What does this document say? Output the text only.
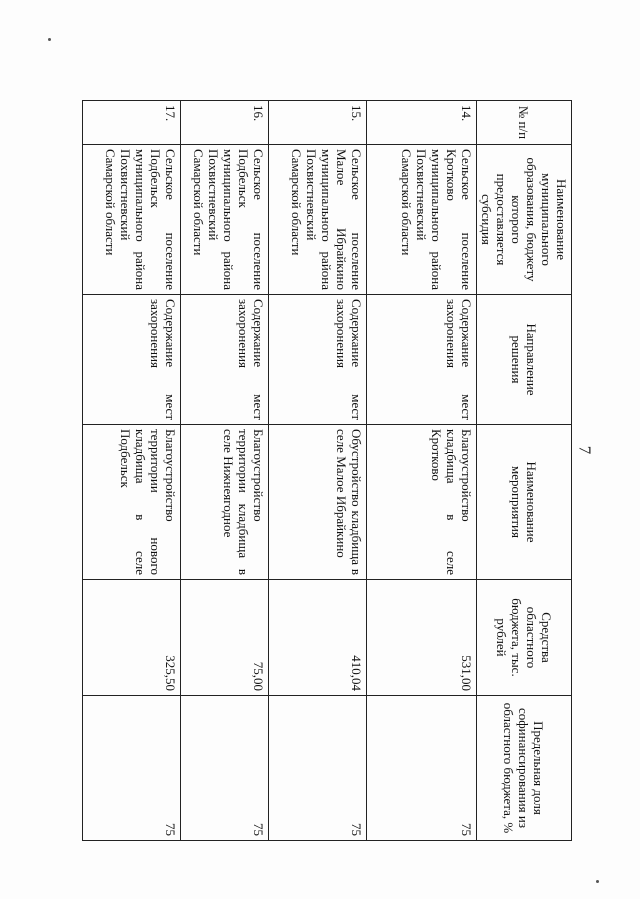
7
№ п/п	Наименование муниципального образования, бюджету которого предоставляется субсидия	Направление решения	Наименование мероприятия	Средства областного бюджета, тыс. рублей	Предельная доля софинансирования из областного бюджета, %
14.	Сельское поселение Кротково муниципального района Похвистневский Самарской области	Содержание мест захоронения	Благоустройство кладбища в селе Кротково	531,00	75
15.	Сельское поселение Малое Ибрайкино муниципального района Похвистневский Самарской области	Содержание мест захоронения	Обустройство кладбища в селе Малое Ибрайкино	410,04	75
16.	Сельское поселение Подбельск муниципального района Похвистневский Самарской области	Содержание мест захоронения	Благоустройство территории кладбища в селе Нижнеягодное	75,00	75
17.	Сельское поселение Подбельск муниципального района Похвистневский Самарской области	Содержание мест захоронения	Благоустройство территории нового кладбища в селе Подбельск	325,50	75
